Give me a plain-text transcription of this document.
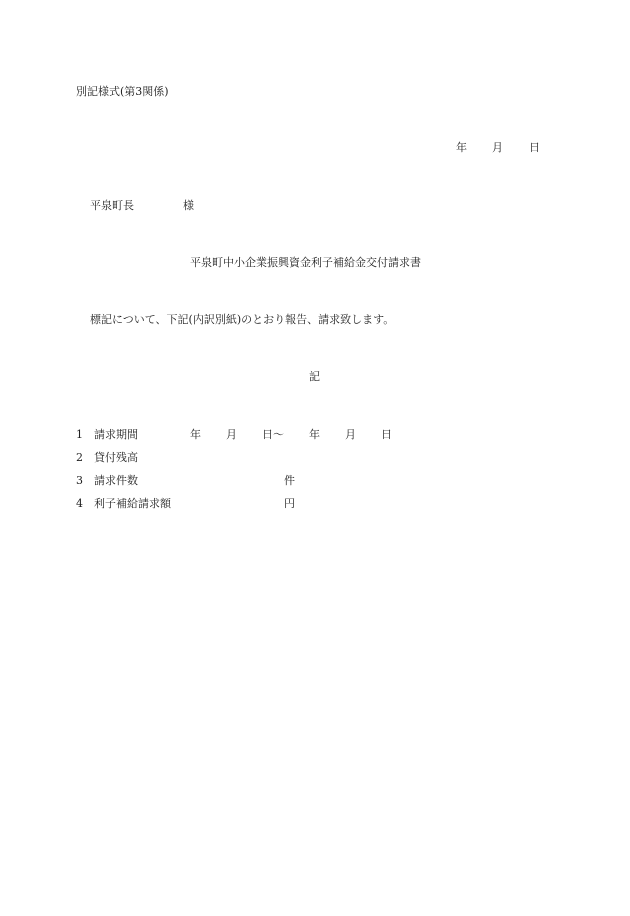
別記様式(第3関係)
年 月 日
平泉町長	様
平泉町中小企業振興資金利子補給金交付請求書
標記について、下記(内訳別紙)のとおり報告、請求致します。
記
1 請求期間	年 月 日～ 年 月 日
2 貸付残高
3 請求件数	件
4 利子補給請求額	円
